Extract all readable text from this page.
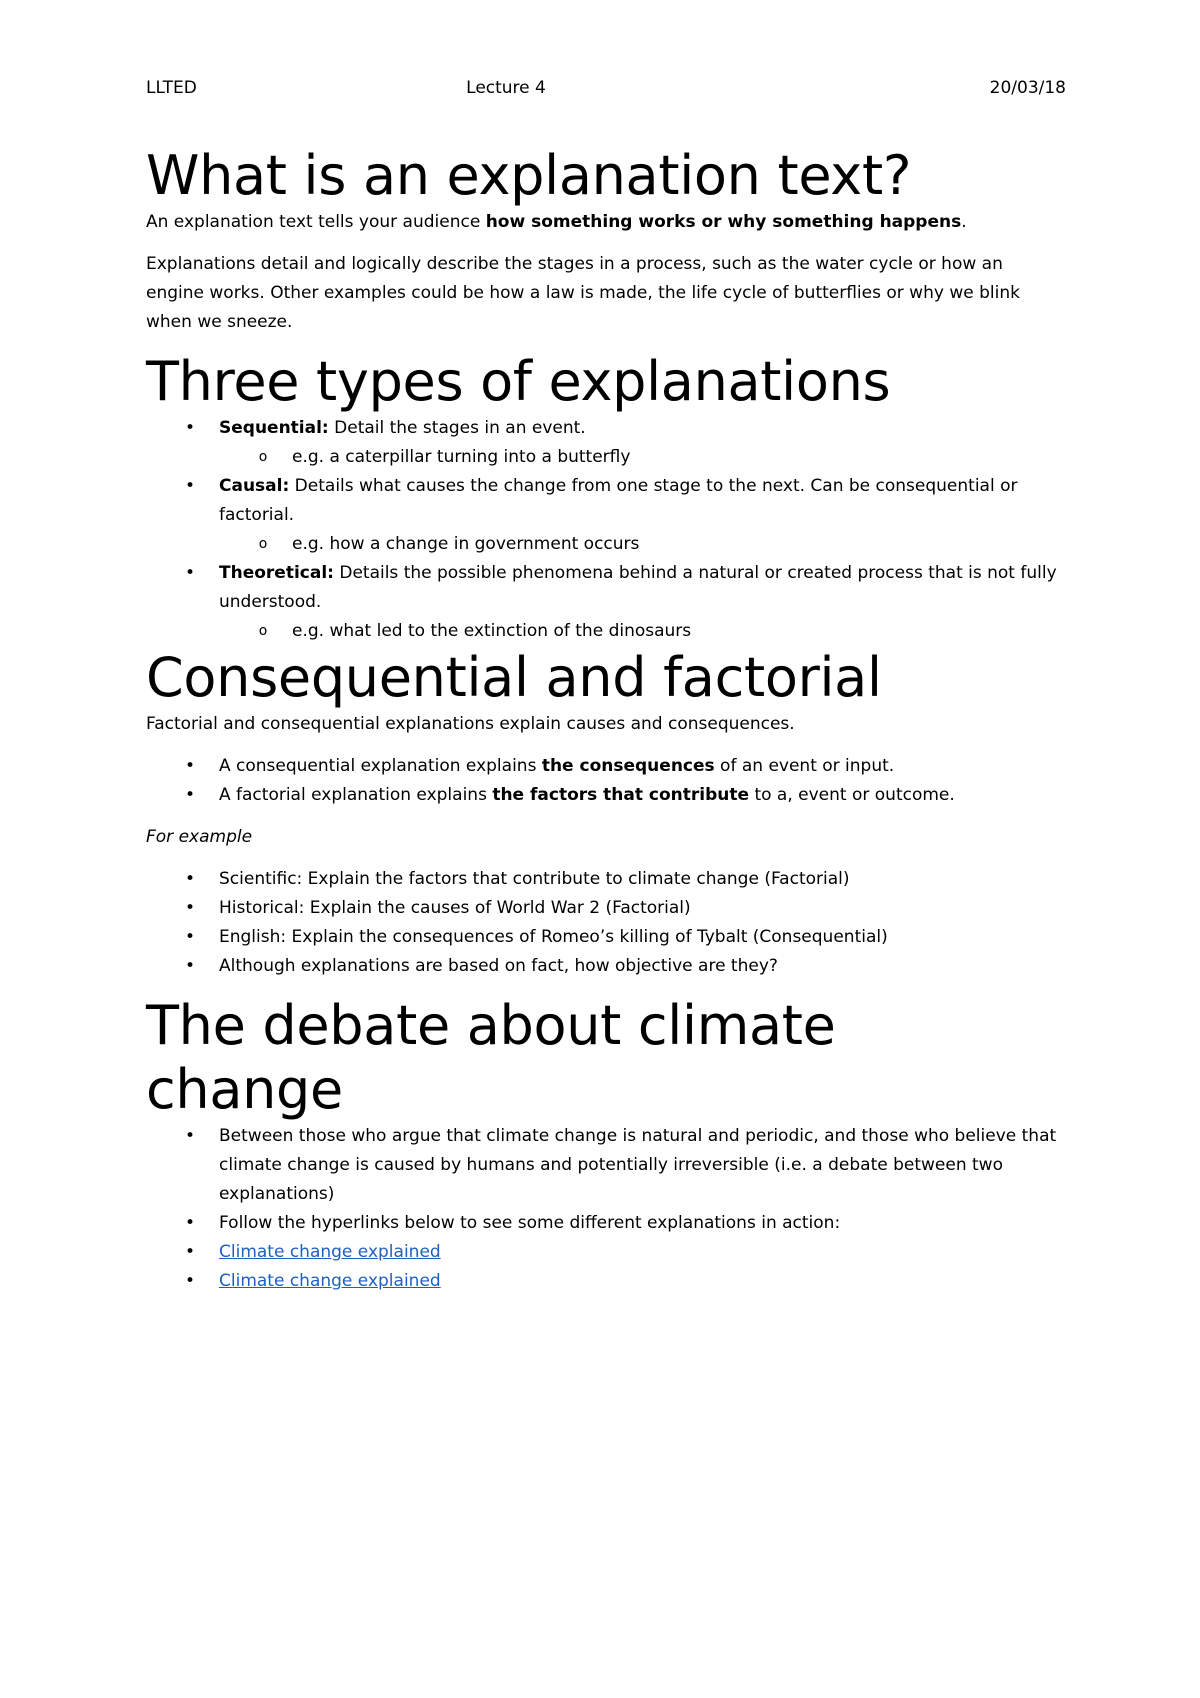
LLTED	Lecture 4	20/03/18
What is an explanation text?

An explanation text tells your audience how something works or why something happens.

Explanations detail and logically describe the stages in a process, such as the water cycle or how an engine works. Other examples could be how a law is made, the life cycle of butterflies or why we blink when we sneeze.

Three types of explanations
• Sequential: Detail the stages in an event.
o e.g. a caterpillar turning into a butterfly
• Causal: Details what causes the change from one stage to the next. Can be consequential or factorial.
o e.g. how a change in government occurs
• Theoretical: Details the possible phenomena behind a natural or created process that is not fully understood.
o e.g. what led to the extinction of the dinosaurs
Consequential and factorial

Factorial and consequential explanations explain causes and consequences.

• A consequential explanation explains the consequences of an event or input.
• A factorial explanation explains the factors that contribute to a, event or outcome.

For example

• Scientific: Explain the factors that contribute to climate change (Factorial)
• Historical: Explain the causes of World War 2 (Factorial)
• English: Explain the consequences of Romeo’s killing of Tybalt (Consequential)
• Although explanations are based on fact, how objective are they?
The debate about climate change
• Between those who argue that climate change is natural and periodic, and those who believe that climate change is caused by humans and potentially irreversible (i.e. a debate between two explanations)
• Follow the hyperlinks below to see some different explanations in action:
• Climate change explained
• Climate change explained
